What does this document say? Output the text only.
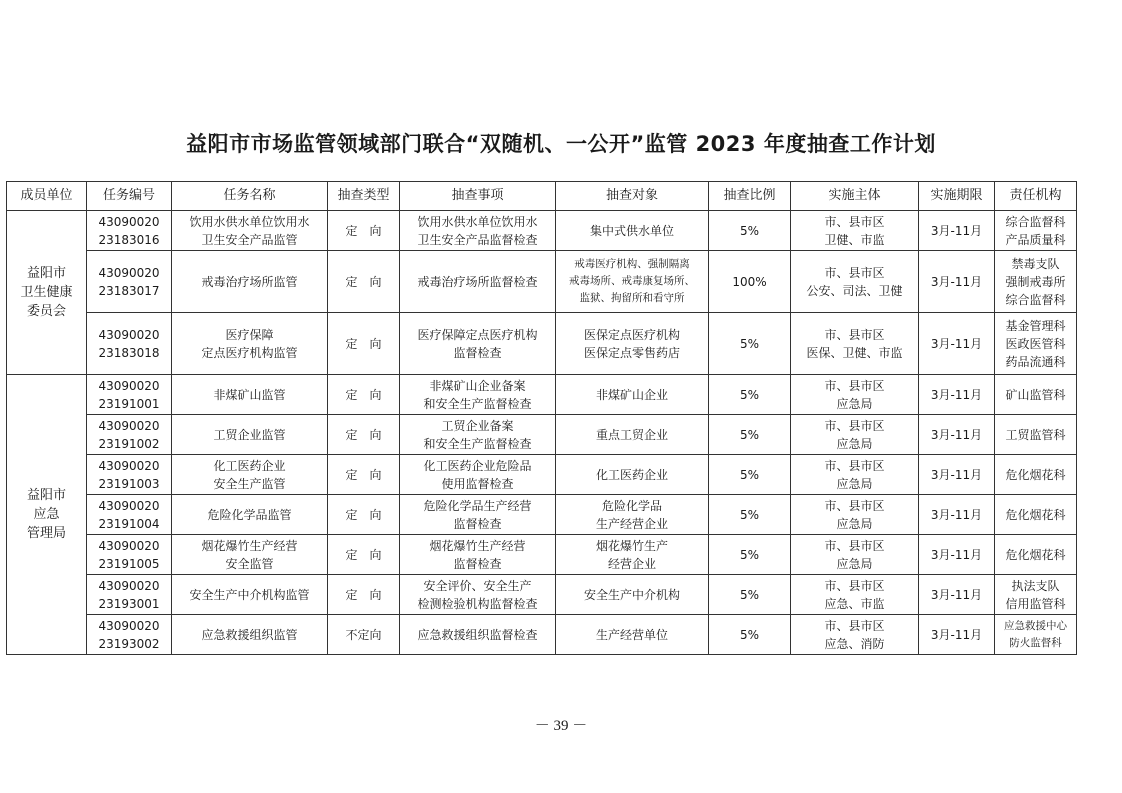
益阳市市场监管领域部门联合“双随机、一公开”监管 2023 年度抽查工作计划
成员单位	任务编号	任务名称	抽查类型	抽查事项	抽查对象	抽查比例	实施主体	实施期限	责任机构

益阳市
卫生健康
委员会	43090020
23183016	饮用水供水单位饮用水
卫生安全产品监管	定　向	饮用水供水单位饮用水
卫生安全产品监督检查	集中式供水单位	5%	市、县市区
卫健、市监	3月-11月	综合监督科
产品质量科

	43090020
23183017	戒毒治疗场所监管	定　向	戒毒治疗场所监督检查	戒毒医疗机构、强制隔离
戒毒场所、戒毒康复场所、
监狱、拘留所和看守所	100%	市、县市区
公安、司法、卫健	3月-11月	禁毒支队
强制戒毒所
综合监督科

	43090020
23183018	医疗保障
定点医疗机构监管	定　向	医疗保障定点医疗机构
监督检查	医保定点医疗机构
医保定点零售药店	5%	市、县市区
医保、卫健、市监	3月-11月	基金管理科
医政医管科
药品流通科

益阳市
应急
管理局	43090020
23191001	非煤矿山监管	定　向	非煤矿山企业备案
和安全生产监督检查	非煤矿山企业	5%	市、县市区
应急局	3月-11月	矿山监管科

	43090020
23191002	工贸企业监管	定　向	工贸企业备案
和安全生产监督检查	重点工贸企业	5%	市、县市区
应急局	3月-11月	工贸监管科

	43090020
23191003	化工医药企业
安全生产监管	定　向	化工医药企业危险品
使用监督检查	化工医药企业	5%	市、县市区
应急局	3月-11月	危化烟花科

	43090020
23191004	危险化学品监管	定　向	危险化学品生产经营
监督检查	危险化学品
生产经营企业	5%	市、县市区
应急局	3月-11月	危化烟花科

	43090020
23191005	烟花爆竹生产经营
安全监管	定　向	烟花爆竹生产经营
监督检查	烟花爆竹生产
经营企业	5%	市、县市区
应急局	3月-11月	危化烟花科

	43090020
23193001	安全生产中介机构监管	定　向	安全评价、安全生产
检测检验机构监督检查	安全生产中介机构	5%	市、县市区
应急、市监	3月-11月	执法支队
信用监管科

	43090020
23193002	应急救援组织监管	不定向	应急救援组织监督检查	生产经营单位	5%	市、县市区
应急、消防	3月-11月	应急救援中心
防火监督科
－ 39 －
